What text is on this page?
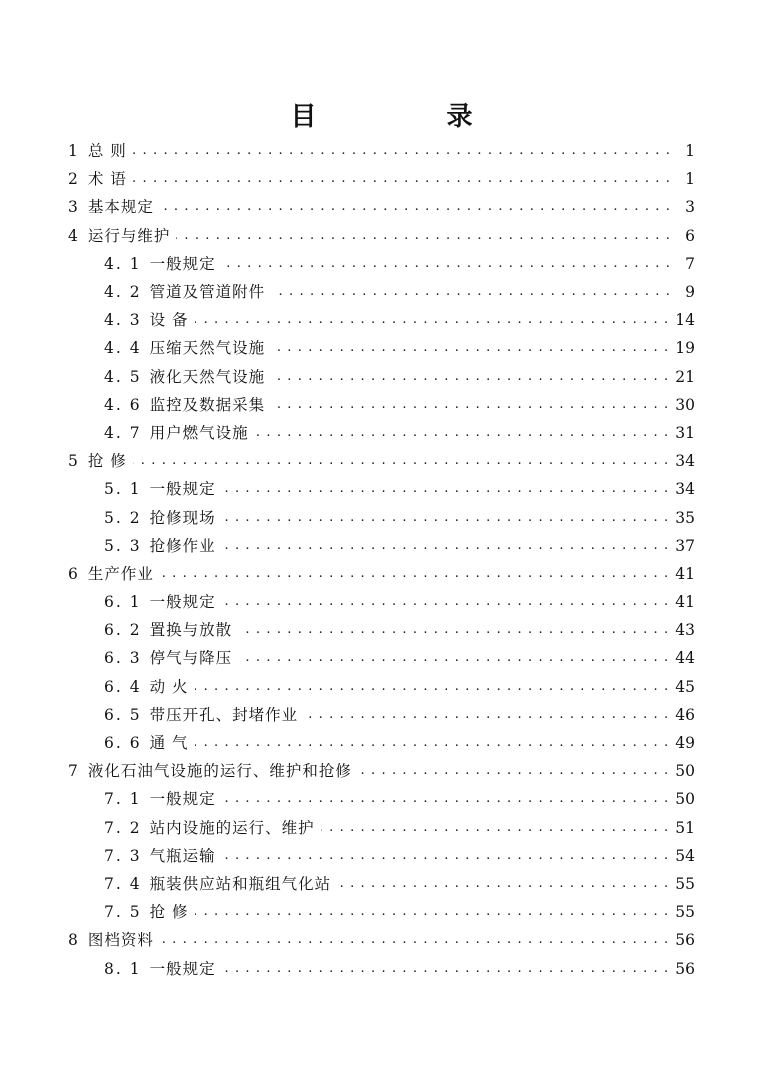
目　录
1 总 则 . . .	1
2 术 语 . . .	1
3 基本规定 . . .	3
4 运行与维护 . . .	6
4. 1 一般规定 . . .	7
4. 2 管道及管道附件 . . .	9
4. 3 设 备 . . .	14
4. 4 压缩天然气设施 . . .	19
4. 5 液化天然气设施 . . .	21
4. 6 监控及数据采集 . . .	30
4. 7 用户燃气设施 . . .	31
5 抢 修 . . .	34
5. 1 一般规定 . . .	34
5. 2 抢修现场 . . .	35
5. 3 抢修作业 . . .	37
6 生产作业 . . .	41
6. 1 一般规定 . . .	41
6. 2 置换与放散 . . .	43
6. 3 停气与降压 . . .	44
6. 4 动 火 . . .	45
6. 5 带压开孔、封堵作业 . . .	46
6. 6 通 气 . . .	49
7 液化石油气设施的运行、维护和抢修 . . .	50
7. 1 一般规定 . . .	50
7. 2 站内设施的运行、维护 . . .	51
7. 3 气瓶运输 . . .	54
7. 4 瓶装供应站和瓶组气化站 . . .	55
7. 5 抢 修 . . .	55
8 图档资料 . . .	56
8. 1 一般规定 . . .	56
